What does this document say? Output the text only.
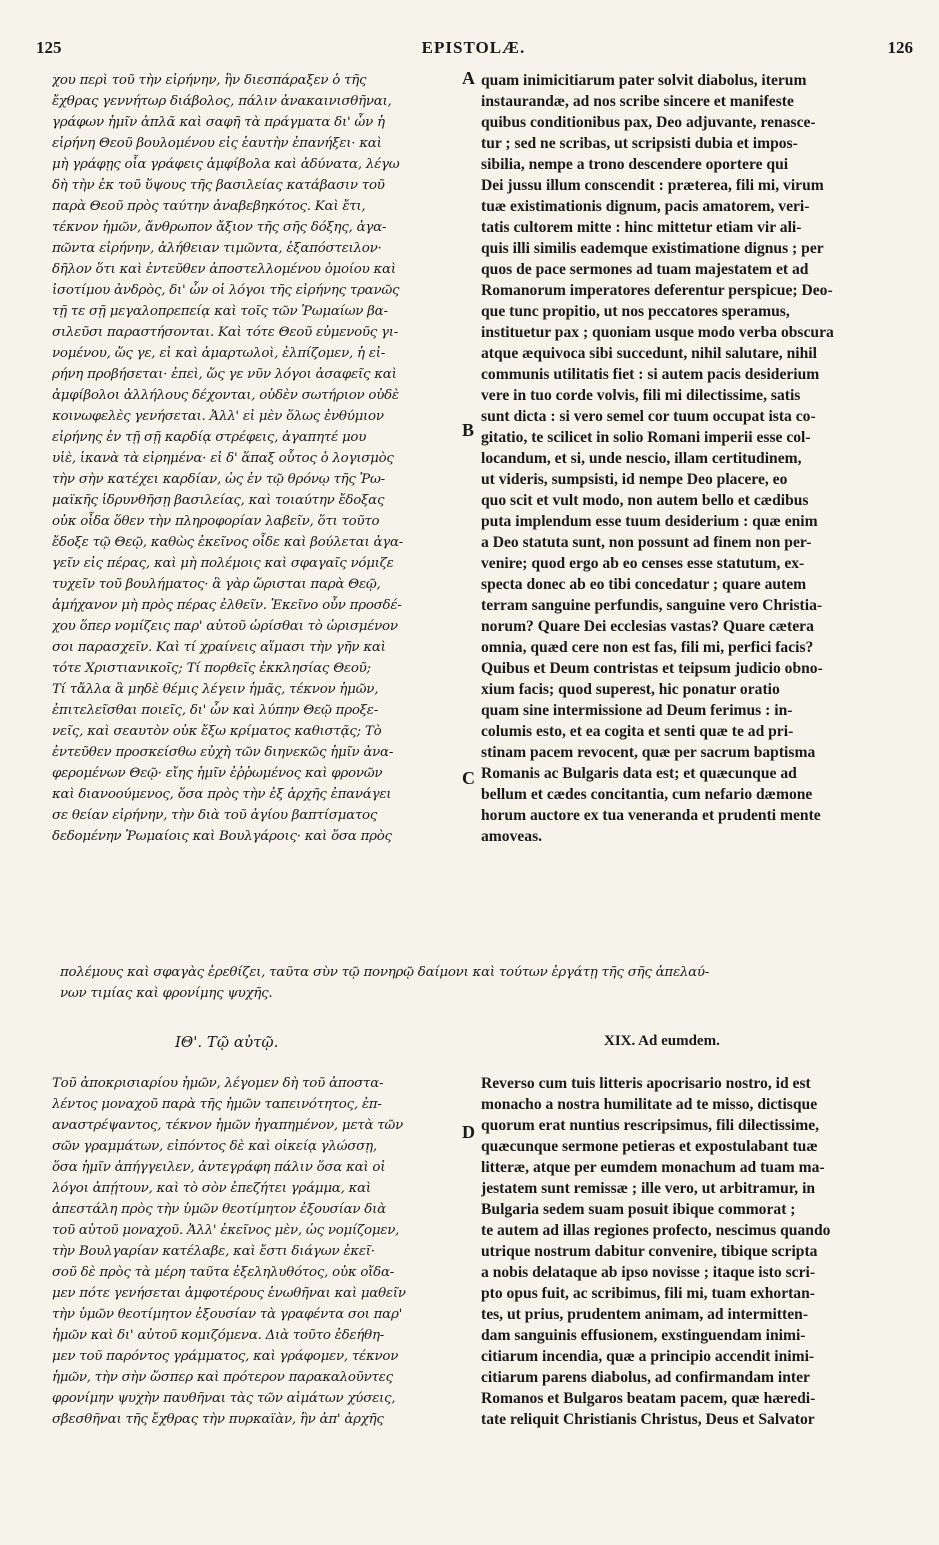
125	EPISTOLÆ.	126
χου περὶ τοῦ τὴν εἰρήνην, ἣν διεσπάραξεν ὁ τῆς
ἔχθρας γεννήτωρ διάβολος, πάλιν ἀνακαινισθῆναι,
γράφων ἡμῖν ἁπλᾶ καὶ σαφῆ τὰ πράγματα δι' ὧν ἡ
εἰρήνη Θεοῦ βουλομένου εἰς ἑαυτὴν ἐπανήξει· καὶ
μὴ γράφῃς οἷα γράφεις ἀμφίβολα καὶ ἀδύνατα, λέγω
δὴ τὴν ἐκ τοῦ ὕψους τῆς βασιλείας κατάβασιν τοῦ
παρὰ Θεοῦ πρὸς ταύτην ἀναβεβηκότος. Καὶ ἔτι,
τέκνον ἡμῶν, ἄνθρωπον ἄξιον τῆς σῆς δόξης, ἀγα-
πῶντα εἰρήνην, ἀλήθειαν τιμῶντα, ἐξαπόστειλον·
δῆλον ὅτι καὶ ἐντεῦθεν ἀποστελλομένου ὁμοίου καὶ
ἰσοτίμου ἀνδρὸς, δι' ὧν οἱ λόγοι τῆς εἰρήνης τρανῶς
τῇ τε σῇ μεγαλοπρεπείᾳ καὶ τοῖς τῶν Ῥωμαίων βα-
σιλεῦσι παραστήσονται. Καὶ τότε Θεοῦ εὐμενοῦς γι-
νομένου, ὥς γε, εἰ καὶ ἁμαρτωλοὶ, ἐλπίζομεν, ἡ εἰ-
ρήνη προβήσεται· ἐπεὶ, ὥς γε νῦν λόγοι ἀσαφεῖς καὶ
ἀμφίβολοι ἀλλήλους δέχονται, οὐδὲν σωτήριον οὐδὲ
κοινωφελὲς γενήσεται. Ἀλλ' εἰ μὲν ὅλως ἐνθύμιον
εἰρήνης ἐν τῇ σῇ καρδίᾳ στρέφεις, ἀγαπητέ μου
υἱὲ, ἱκανὰ τὰ εἰρημένα· εἰ δ' ἅπαξ οὗτος ὁ λογισμὸς
τὴν σὴν κατέχει καρδίαν, ὡς ἐν τῷ θρόνῳ τῆς Ῥω-
μαϊκῆς ἱδρυνθῆσῃ βασιλείας, καὶ τοιαύτην ἔδοξας
οὐκ οἶδα ὅθεν τὴν πληροφορίαν λαβεῖν, ὅτι τοῦτο
ἔδοξε τῷ Θεῷ, καθὼς ἐκεῖνος οἶδε καὶ βούλεται ἀγα-
γεῖν εἰς πέρας, καὶ μὴ πολέμοις καὶ σφαγαῖς νόμιζε
τυχεῖν τοῦ βουλήματος· ἃ γὰρ ὥρισται παρὰ Θεῷ,
ἀμήχανον μὴ πρὸς πέρας ἐλθεῖν. Ἐκεῖνο οὖν προσδέ-
χου ὅπερ νομίζεις παρ' αὐτοῦ ὡρίσθαι τὸ ὡρισμένον
σοι παρασχεῖν. Καὶ τί χραίνεις αἵμασι τὴν γῆν καὶ
τότε Χριστιανικοῖς; Τί πορθεῖς ἐκκλησίας Θεοῦ;
Τί τἄλλα ἃ μηδὲ θέμις λέγειν ἡμᾶς, τέκνον ἡμῶν,
ἐπιτελεῖσθαι ποιεῖς, δι' ὧν καὶ λύπην Θεῷ προξε-
νεῖς, καὶ σεαυτὸν οὐκ ἔξω κρίματος καθιστᾷς; Τὸ
ἐντεῦθεν προσκείσθω εὐχὴ τῶν διηνεκῶς ἡμῖν ἀνα-
φερομένων Θεῷ· εἴης ἡμῖν ἐῤῥωμένος καὶ φρονῶν
καὶ διανοούμενος, ὅσα πρὸς τὴν ἐξ ἀρχῆς ἐπανάγει
σε θείαν εἰρήνην, τὴν διὰ τοῦ ἁγίου βαπτίσματος
δεδομένην Ῥωμαίοις καὶ Βουλγάροις· καὶ ὅσα πρὸς
quam inimicitiarum pater solvit diabolus, iterum
instaurandæ, ad nos scribe sincere et manifeste
quibus conditionibus pax, Deo adjuvante, renasce-
tur ; sed ne scribas, ut scripsisti dubia et impos-
sibilia, nempe a trono descendere oportere qui
Dei jussu illum conscendit : præterea, fili mi, virum
tuæ existimationis dignum, pacis amatorem, veri-
tatis cultorem mitte : hinc mittetur etiam vir ali-
quis illi similis eademque existimatione dignus ; per
quos de pace sermones ad tuam majestatem et ad
Romanorum imperatores deferentur perspicue; Deo-
que tunc propitio, ut nos peccatores speramus,
instituetur pax ; quoniam usque modo verba obscura
atque æquivoca sibi succedunt, nihil salutare, nihil
communis utilitatis fiet : si autem pacis desiderium
vere in tuo corde volvis, fili mi dilectissime, satis
sunt dicta : si vero semel cor tuum occupat ista co-
gitatio, te scilicet in solio Romani imperii esse col-
locandum, et si, unde nescio, illam certitudinem,
ut videris, sumpsisti, id nempe Deo placere, eo
quo scit et vult modo, non autem bello et cædibus
puta implendum esse tuum desiderium : quæ enim
a Deo statuta sunt, non possunt ad finem non per-
venire; quod ergo ab eo censes esse statutum, ex-
specta donec ab eo tibi concedatur ; quare autem
terram sanguine perfundis, sanguine vero Christia-
norum? Quare Dei ecclesias vastas? Quare cætera
omnia, quæd cere non est fas, fili mi, perfici facis?
Quibus et Deum contristas et teipsum judicio obno-
xium facis; quod superest, hic ponatur oratio
quam sine intermissione ad Deum ferimus : in-
columis esto, et ea cogita et senti quæ te ad pri-
stinam pacem revocent, quæ per sacrum baptisma
Romanis ac Bulgaris data est; et quæcunque ad
bellum et cædes concitantia, cum nefario dæmone
horum auctore ex tua veneranda et prudenti mente
amoveas.
A
B
C
D
πολέμους καὶ σφαγὰς ἐρεθίζει, ταῦτα σὺν τῷ πονηρῷ δαίμονι καὶ τούτων ἐργάτῃ τῆς σῆς ἀπελαύ-
νων τιμίας καὶ φρονίμης ψυχῆς.
ΙΘ'. Τῷ αὐτῷ.	XIX. Ad eumdem.
Τοῦ ἀποκρισιαρίου ἡμῶν, λέγομεν δὴ τοῦ ἀποστα-
λέντος μοναχοῦ παρὰ τῆς ἡμῶν ταπεινότητος, ἐπ-
αναστρέψαντος, τέκνον ἡμῶν ἠγαπημένον, μετὰ τῶν
σῶν γραμμάτων, εἰπόντος δὲ καὶ οἰκείᾳ γλώσσῃ,
ὅσα ἡμῖν ἀπήγγειλεν, ἀντεγράφη πάλιν ὅσα καὶ οἱ
λόγοι ἀπῄτουν, καὶ τὸ σὸν ἐπεζήτει γράμμα, καὶ
ἀπεστάλη πρὸς τὴν ὑμῶν θεοτίμητον ἐξουσίαν διὰ
τοῦ αὐτοῦ μοναχοῦ. Ἀλλ' ἐκεῖνος μὲν, ὡς νομίζομεν,
τὴν Βουλγαρίαν κατέλαβε, καὶ ἔστι διάγων ἐκεῖ·
σοῦ δὲ πρὸς τὰ μέρη ταῦτα ἐξεληλυθότος, οὐκ οἴδα-
μεν πότε γενήσεται ἀμφοτέρους ἑνωθῆναι καὶ μαθεῖν
τὴν ὑμῶν θεοτίμητον ἐξουσίαν τὰ γραφέντα σοι παρ'
ἡμῶν καὶ δι' αὐτοῦ κομιζόμενα. Διὰ τοῦτο ἐδεήθη-
μεν τοῦ παρόντος γράμματος, καὶ γράφομεν, τέκνον
ἡμῶν, τὴν σὴν ὥσπερ καὶ πρότερον παρακαλοῦντες
φρονίμην ψυχὴν παυθῆναι τὰς τῶν αἱμάτων χύσεις,
σβεσθῆναι τῆς ἔχθρας τὴν πυρκαϊὰν, ἣν ἀπ' ἀρχῆς
Reverso cum tuis litteris apocrisario nostro, id est
monacho a nostra humilitate ad te misso, dictisque
quorum erat nuntius rescripsimus, fili dilectissime,
quæcunque sermone petieras et expostulabant tuæ
litteræ, atque per eumdem monachum ad tuam ma-
jestatem sunt remissæ ; ille vero, ut arbitramur, in
Bulgaria sedem suam posuit ibique commorat ;
te autem ad illas regiones profecto, nescimus quando
utrique nostrum dabitur convenire, tibique scripta
a nobis delataque ab ipso novisse ; itaque isto scri-
pto opus fuit, ac scribimus, fili mi, tuam exhortan-
tes, ut prius, prudentem animam, ad intermitten-
dam sanguinis effusionem, exstinguendam inimi-
citiarum incendia, quæ a principio accendit inimi-
citiarum parens diabolus, ad confirmandam inter
Romanos et Bulgaros beatam pacem, quæ hæredi-
tate reliquit Christianis Christus, Deus et Salvator
